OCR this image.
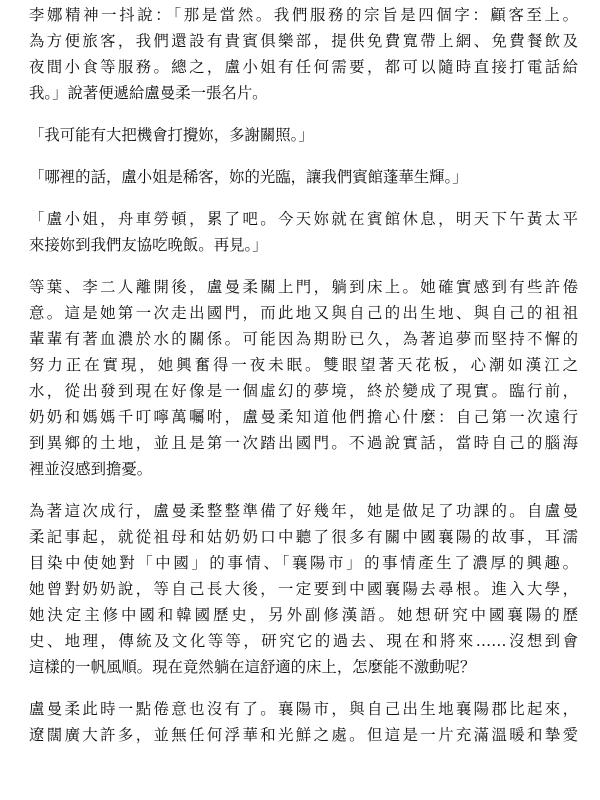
李娜精神一抖說：「那是當然。我們服務的宗旨是四個字：顧客至上。
為方便旅客，我們還設有貴賓俱樂部，提供免費寬帶上網、免費餐飲及
夜間小食等服務。總之，盧小姐有任何需要，都可以隨時直接打電話給
我。」說著便遞給盧曼柔一張名片。

「我可能有大把機會打攪妳，多謝關照。」

「哪裡的話，盧小姐是稀客，妳的光臨，讓我們賓館蓬華生輝。」

「盧小姐，舟車勞頓，累了吧。今天妳就在賓館休息，明天下午黃太平
來接妳到我們友協吃晚飯。再見。」

等葉、李二人離開後，盧曼柔關上門，躺到床上。她確實感到有些許倦
意。這是她第一次走出國門，而此地又與自己的出生地、與自己的祖祖
輩輩有著血濃於水的關係。可能因為期盼已久，為著追夢而堅持不懈的
努力正在實現，她興奮得一夜未眠。雙眼望著天花板，心潮如漢江之
水，從出發到現在好像是一個虛幻的夢境，終於變成了現實。臨行前，
奶奶和媽媽千叮嚀萬囑咐，盧曼柔知道他們擔心什麼：自己第一次遠行
到異鄉的土地，並且是第一次踏出國門。不過說實話，當時自己的腦海
裡並沒感到擔憂。

為著這次成行，盧曼柔整整準備了好幾年，她是做足了功課的。自盧曼
柔記事起，就從祖母和姑奶奶口中聽了很多有關中國襄陽的故事，耳濡
目染中使她對「中國」的事情、「襄陽市」的事情產生了濃厚的興趣。
她曾對奶奶說，等自己長大後，一定要到中國襄陽去尋根。進入大學，
她決定主修中國和韓國歷史，另外副修漢語。她想研究中國襄陽的歷
史、地理，傳統及文化等等，研究它的過去、現在和將來……沒想到會
這樣的一帆風順。現在竟然躺在這舒適的床上，怎麼能不激動呢？

盧曼柔此時一點倦意也沒有了。襄陽市，與自己出生地襄陽郡比起來，
遼闊廣大許多，並無任何浮華和光鮮之處。但這是一片充滿溫暖和摯愛
